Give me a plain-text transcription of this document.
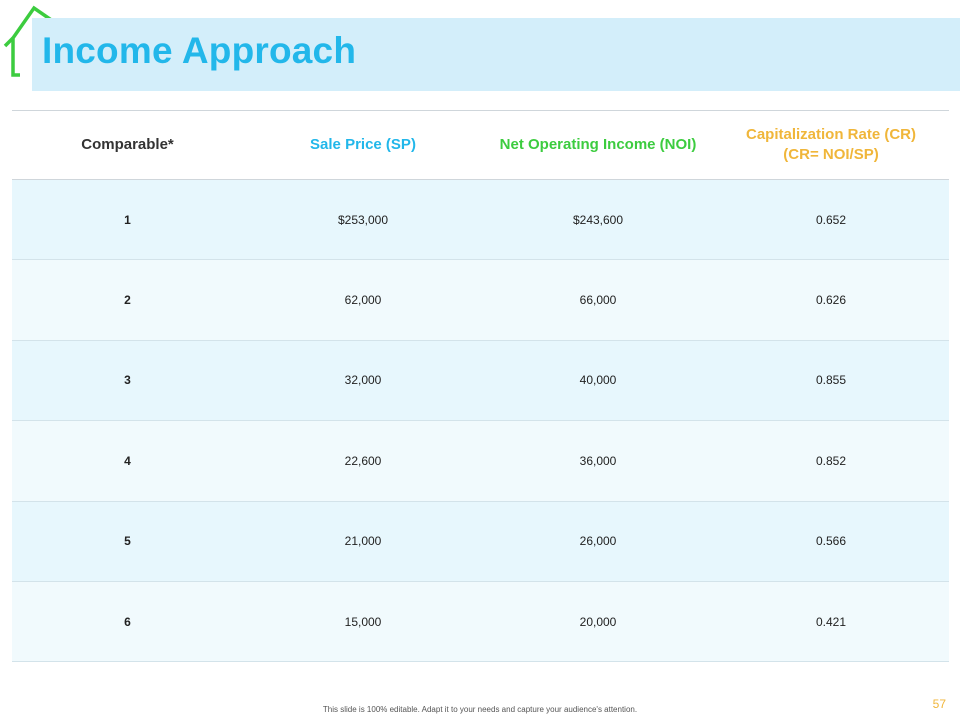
Income Approach
Comparable*	Sale Price (SP)	Net Operating Income (NOI)	Capitalization Rate (CR)
(CR= NOI/SP)
1	$253,000	$243,600	0.652
2	62,000	66,000	0.626
3	32,000	40,000	0.855
4	22,600	36,000	0.852
5	21,000	26,000	0.566
6	15,000	20,000	0.421
This slide is 100% editable. Adapt it to your needs and capture your audience's attention.	57
